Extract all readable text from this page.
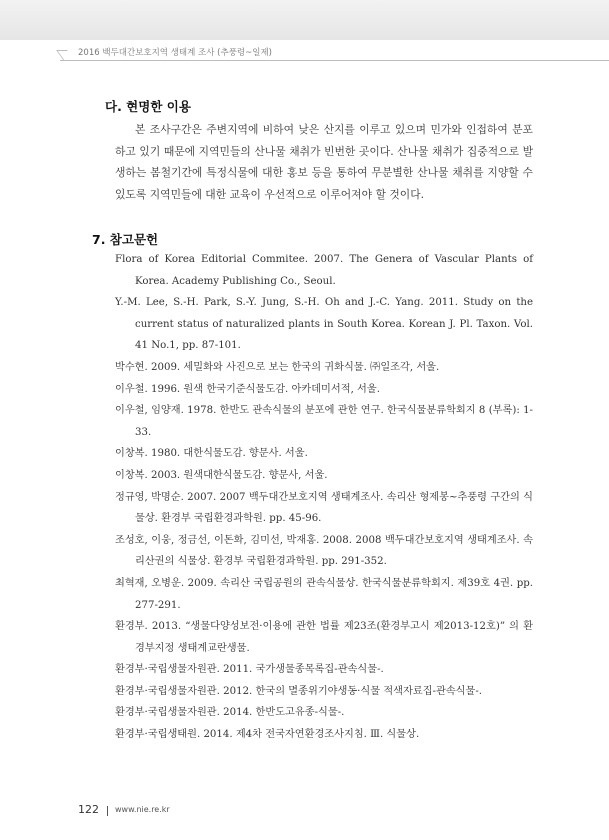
2016 백두대간보호지역 생태계 조사 (추풍령~일제)
다. 현명한 이용
본 조사구간은 주변지역에 비하여 낮은 산지를 이루고 있으며 민가와 인접하여 분포하고 있기 때문에 지역민들의 산나물 채취가 빈번한 곳이다. 산나물 채취가 집중적으로 발생하는 봄철기간에 특정식물에 대한 홍보 등을 통하여 무분별한 산나물 채취를 지양할 수 있도록 지역민들에 대한 교육이 우선적으로 이루어져야 할 것이다.
7. 참고문헌

Flora of Korea Editorial Commitee. 2007. The Genera of Vascular Plants of Korea. Academy Publishing Co., Seoul.

Y.-M. Lee, S.-H. Park, S.-Y. Jung, S.-H. Oh and J.-C. Yang. 2011. Study on the current status of naturalized plants in South Korea. Korean J. Pl. Taxon. Vol. 41 No.1, pp. 87-101.

박수현. 2009. 세밀화와 사진으로 보는 한국의 귀화식물. ㈜일조각, 서울.

이우철. 1996. 원색 한국기준식물도감. 아카데미서적, 서울.

이우철, 임양재. 1978. 한반도 관속식물의 분포에 관한 연구. 한국식물분류학회지 8 (부록): 1-33.

이창복. 1980. 대한식물도감. 향문사. 서울.

이창복. 2003. 원색대한식물도감. 향문사, 서울.

정규영, 박명순. 2007. 2007 백두대간보호지역 생태계조사. 속리산 형제봉~추풍령 구간의 식물상. 환경부 국립환경과학원. pp. 45-96.

조성호, 이웅, 정금선, 이돈화, 김미선, 박재홍. 2008. 2008 백두대간보호지역 생태계조사. 속리산권의 식물상. 환경부 국립환경과학원. pp. 291-352.

최혁재, 오병운. 2009. 속리산 국립공원의 관속식물상. 한국식물분류학회지. 제39호 4권. pp. 277-291.

환경부. 2013. “생물다양성보전·이용에 관한 법률 제23조(환경부고시 제2013-12호)” 의 환경부지정 생태계교란생물.

환경부·국립생물자원관. 2011. 국가생물종목록집-관속식물-.

환경부·국립생물자원관. 2012. 한국의 멸종위기야생동·식물 적색자료집-관속식물-.

환경부·국립생물자원관. 2014. 한반도고유종-식물-.

환경부·국립생태원. 2014. 제4차 전국자연환경조사지침. Ⅲ. 식물상.

122 www.nie.re.kr
